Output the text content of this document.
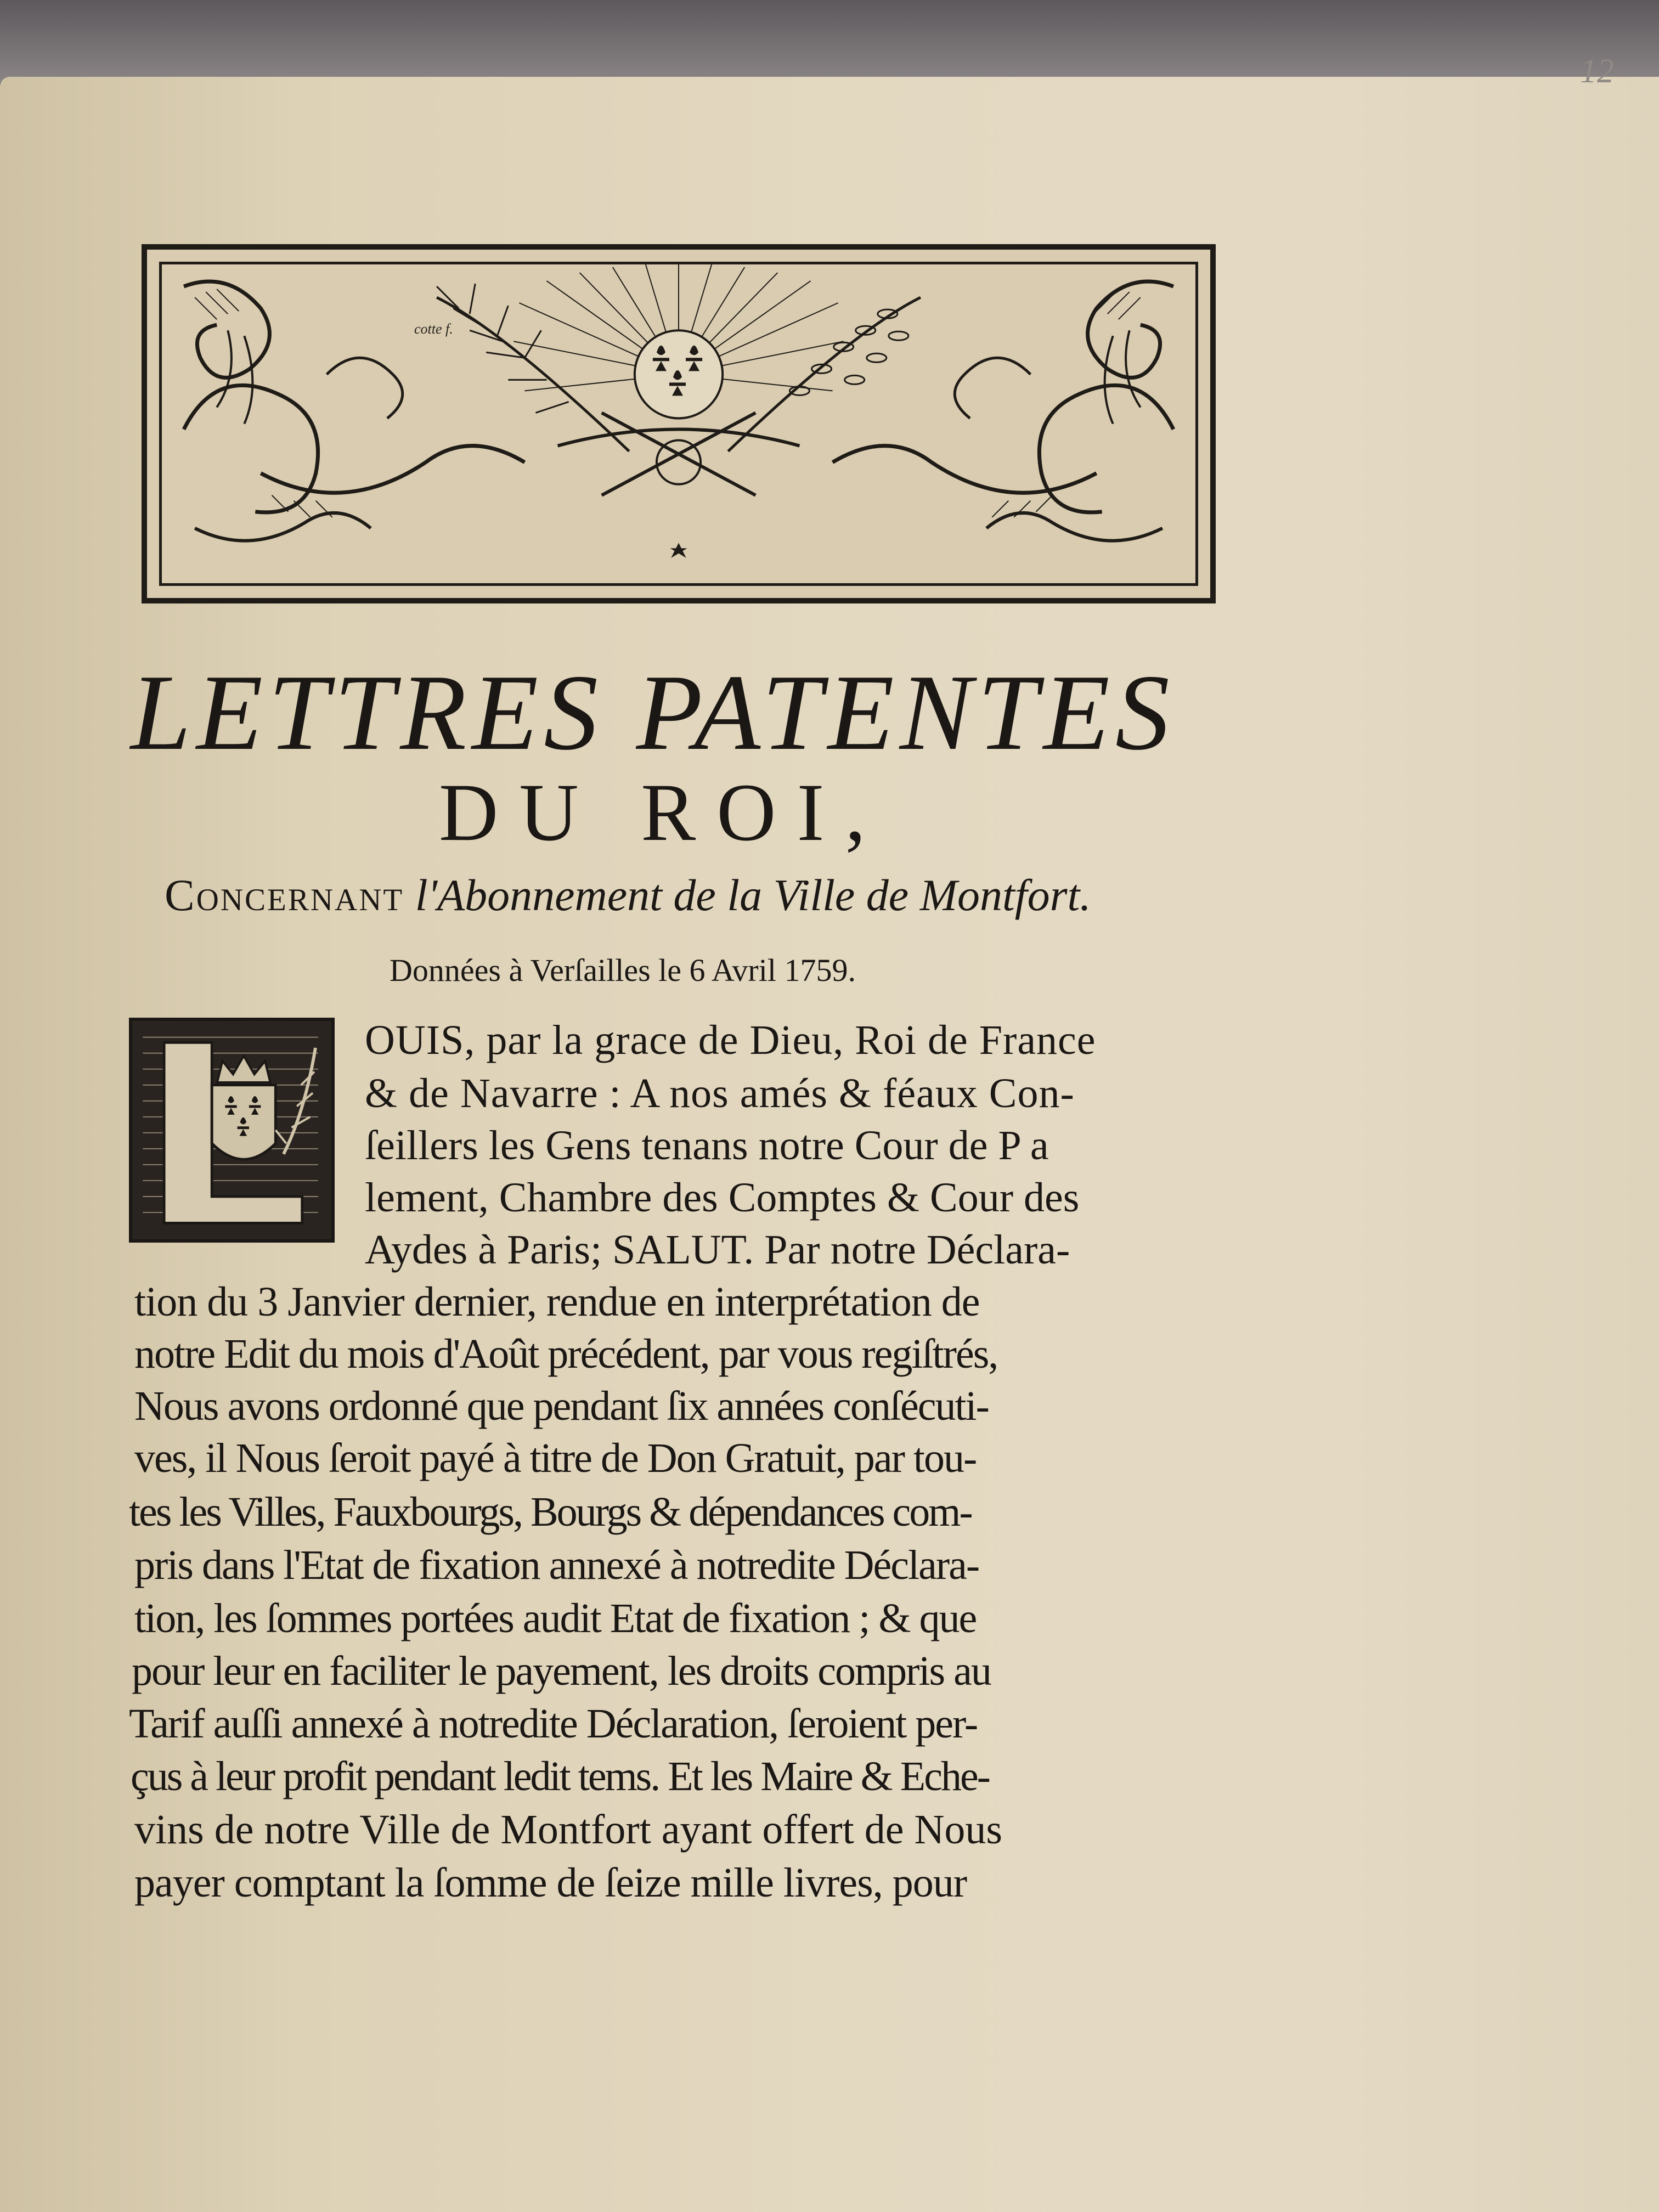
12
cotte f.
LETTRES PATENTES
DU ROI,
Concernant l'Abonnement de la Ville de Montfort.
Données à Verſailles le 6 Avril 1759.
OUIS, par la grace de Dieu, Roi de France
& de Navarre : A nos amés & féaux Con-
ſeillers les Gens tenans notre Cour de P a
lement, Chambre des Comptes & Cour des
Aydes à Paris; SALUT. Par notre Déclara-
tion du 3 Janvier dernier, rendue en interprétation de
notre Edit du mois d'Août précédent, par vous regiſtrés,
Nous avons ordonné que pendant ſix années conſécuti-
ves, il Nous ſeroit payé à titre de Don Gratuit, par tou-
tes les Villes, Fauxbourgs, Bourgs & dépendances com-
pris dans l'Etat de fixation annexé à notredite Déclara-
tion, les ſommes portées audit Etat de fixation ; & que
pour leur en faciliter le payement, les droits compris au
Tarif auſſi annexé à notredite Déclaration, ſeroient per-
çus à leur profit pendant ledit tems. Et les Maire & Eche-
vins de notre Ville de Montfort ayant offert de Nous
payer comptant la ſomme de ſeize mille livres, pour
